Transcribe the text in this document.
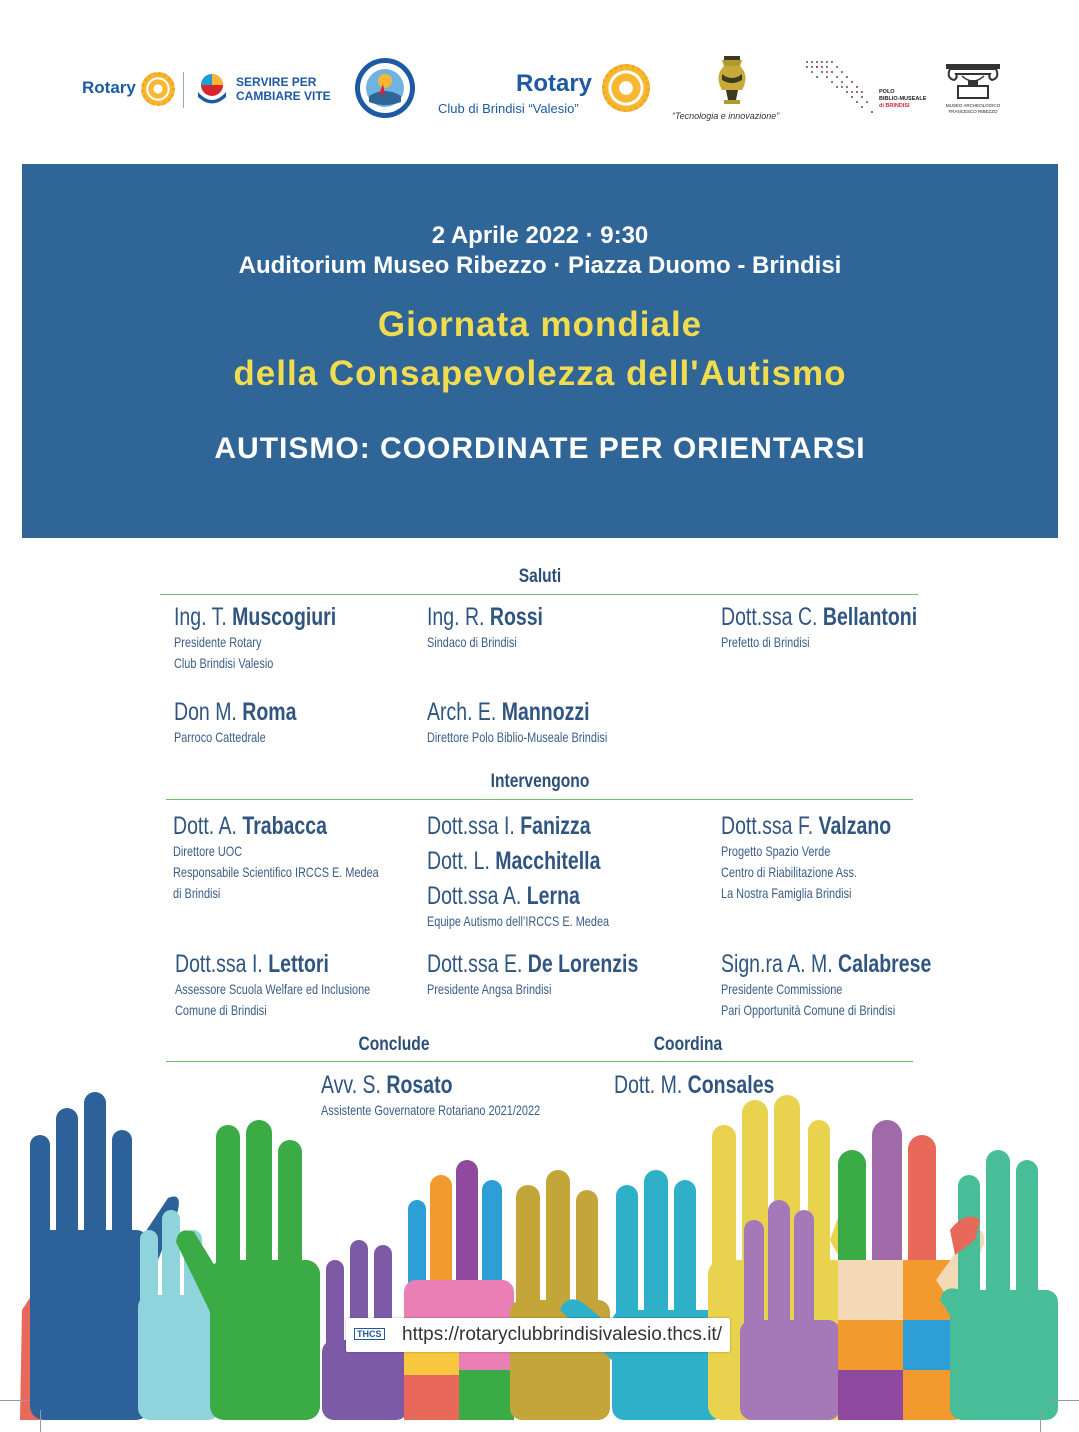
Rotary	SERVIRE PER
CAMBIARE VITE	Rotary
Club di Brindisi “Valesio”	“Tecnologia e innovazione”
POLO
BIBLIO-MUSEALE
di BRINDISI	MUSEO ARCHEOLOGICO
FRANCESCO RIBEZZO
2 Aprile 2022 · 9:30
Auditorium Museo Ribezzo · Piazza Duomo - Brindisi
Giornata mondiale
della Consapevolezza dell'Autismo
AUTISMO: COORDINATE PER ORIENTARSI
Saluti
Ing. T. Muscogiuri
Presidente Rotary
Club Brindisi Valesio
Ing. R. Rossi
Sindaco di Brindisi
Dott.ssa C. Bellantoni
Prefetto di Brindisi
Don M. Roma
Parroco Cattedrale
Arch. E. Mannozzi
Direttore Polo Biblio-Museale Brindisi
Intervengono
Dott. A. Trabacca
Direttore UOC
Responsabile Scientifico IRCCS E. Medea
di Brindisi
Dott.ssa I. Fanizza
Dott. L. Macchitella
Dott.ssa A. Lerna
Equipe Autismo dell’IRCCS E. Medea
Dott.ssa F. Valzano
Progetto Spazio Verde
Centro di Riabilitazione Ass.
La Nostra Famiglia Brindisi
Dott.ssa I. Lettori
Assessore Scuola Welfare ed Inclusione
Comune di Brindisi
Dott.ssa E. De Lorenzis
Presidente Angsa Brindisi
Sign.ra A. M. Calabrese
Presidente Commissione
Pari Opportunità Comune di Brindisi
Conclude	Coordina
Avv. S. Rosato
Assistente Governatore Rotariano 2021/2022
Dott. M. Consales
THCS https://rotaryclubbrindisivalesio.thcs.it/
